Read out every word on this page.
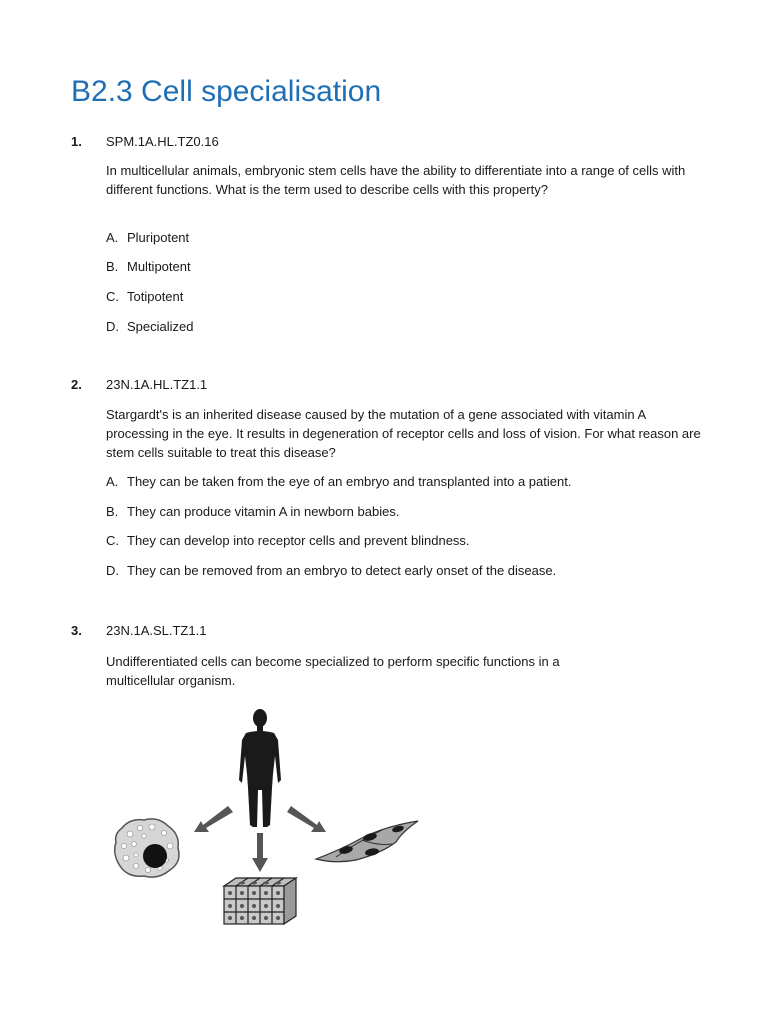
B2.3 Cell specialisation
1. SPM.1A.HL.TZ0.16

In multicellular animals, embryonic stem cells have the ability to differentiate into a range of cells with different functions. What is the term used to describe cells with this property?

A. Pluripotent
B. Multipotent
C. Totipotent
D. Specialized
2. 23N.1A.HL.TZ1.1

Stargardt's is an inherited disease caused by the mutation of a gene associated with vitamin A processing in the eye. It results in degeneration of receptor cells and loss of vision. For what reason are stem cells suitable to treat this disease?

A. They can be taken from the eye of an embryo and transplanted into a patient.
B. They can produce vitamin A in newborn babies.
C. They can develop into receptor cells and prevent blindness.
D. They can be removed from an embryo to detect early onset of the disease.
3. 23N.1A.SL.TZ1.1

Undifferentiated cells can become specialized to perform specific functions in a multicellular organism.
